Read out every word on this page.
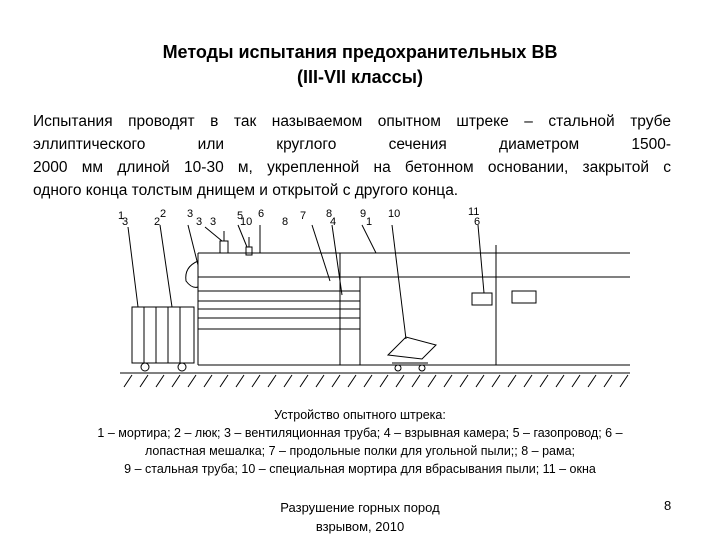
Методы испытания предохранительных ВВ
(III-VII классы)
Испытания проводят в так называемом опытном штреке – стальной трубе
эллиптического или круглого сечения диаметром 1500-
2000 мм длиной 10-30 м, укрепленной на бетонном основании, закрытой с
одного конца толстым днищем и открытой с другого конца.
1	2 3	5 6	7 8	9 10	11
3 2	3 3 10	8	4	1	6
Устройство опытного штрека:
1 – мортира; 2 – люк; 3 – вентиляционная труба; 4 – взрывная камера; 5 – газопровод; 6 –
лопастная мешалка; 7 – продольные полки для угольной пыли;; 8 – рама;
9 – стальная труба; 10 – специальная мортира для вбрасывания пыли; 11 – окна
Разрушение горных пород
взрывом, 2010
8
